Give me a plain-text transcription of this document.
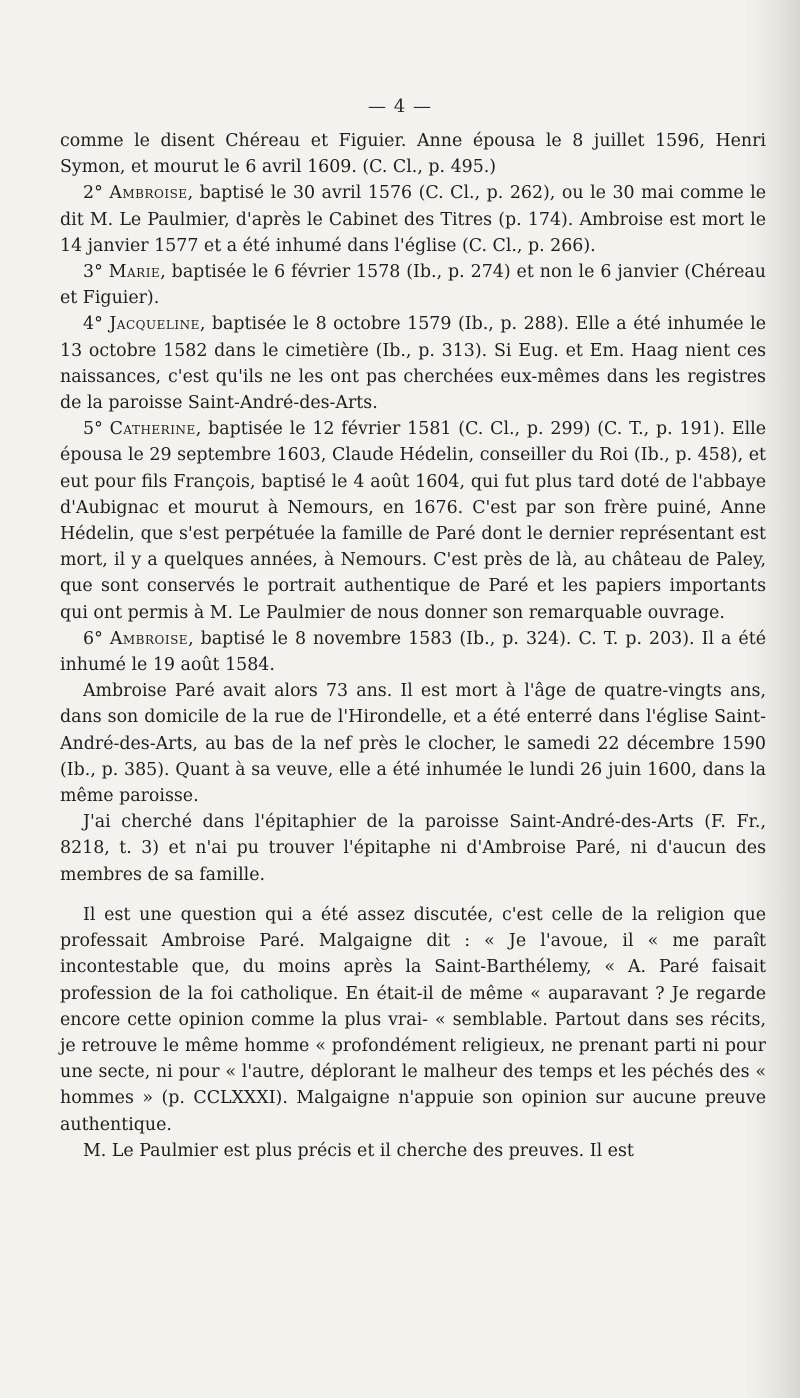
— 4 —

comme le disent Chéreau et Figuier. Anne épousa le 8 juillet 1596, Henri Symon, et mourut le 6 avril 1609. (C. Cl., p. 495.)

2° Ambroise, baptisé le 30 avril 1576 (C. Cl., p. 262), ou le 30 mai comme le dit M. Le Paulmier, d'après le Cabinet des Titres (p. 174). Ambroise est mort le 14 janvier 1577 et a été inhumé dans l'église (C. Cl., p. 266).

3° Marie, baptisée le 6 février 1578 (Ib., p. 274) et non le 6 janvier (Chéreau et Figuier).

4° Jacqueline, baptisée le 8 octobre 1579 (Ib., p. 288). Elle a été inhumée le 13 octobre 1582 dans le cimetière (Ib., p. 313). Si Eug. et Em. Haag nient ces naissances, c'est qu'ils ne les ont pas cherchées eux-mêmes dans les registres de la paroisse Saint-André-des-Arts.

5° Catherine, baptisée le 12 février 1581 (C. Cl., p. 299) (C. T., p. 191). Elle épousa le 29 septembre 1603, Claude Hédelin, conseiller du Roi (Ib., p. 458), et eut pour fils François, baptisé le 4 août 1604, qui fut plus tard doté de l'abbaye d'Aubignac et mourut à Nemours, en 1676. C'est par son frère puiné, Anne Hédelin, que s'est perpétuée la famille de Paré dont le dernier représentant est mort, il y a quelques années, à Nemours. C'est près de là, au château de Paley, que sont conservés le portrait authentique de Paré et les papiers importants qui ont permis à M. Le Paulmier de nous donner son remarquable ouvrage.

6° Ambroise, baptisé le 8 novembre 1583 (Ib., p. 324). C. T. p. 203). Il a été inhumé le 19 août 1584.

Ambroise Paré avait alors 73 ans. Il est mort à l'âge de quatre-vingts ans, dans son domicile de la rue de l'Hirondelle, et a été enterré dans l'église Saint-André-des-Arts, au bas de la nef près le clocher, le samedi 22 décembre 1590 (Ib., p. 385). Quant à sa veuve, elle a été inhumée le lundi 26 juin 1600, dans la même paroisse.

J'ai cherché dans l'épitaphier de la paroisse Saint-André-des-Arts (F. Fr., 8218, t. 3) et n'ai pu trouver l'épitaphe ni d'Ambroise Paré, ni d'aucun des membres de sa famille.

Il est une question qui a été assez discutée, c'est celle de la religion que professait Ambroise Paré. Malgaigne dit : « Je l'avoue, il « me paraît incontestable que, du moins après la Saint-Barthélemy, « A. Paré faisait profession de la foi catholique. En était-il de même « auparavant ? Je regarde encore cette opinion comme la plus vrai- « semblable. Partout dans ses récits, je retrouve le même homme « profondément religieux, ne prenant parti ni pour une secte, ni pour « l'autre, déplorant le malheur des temps et les péchés des « hommes » (p. CCLXXXI). Malgaigne n'appuie son opinion sur aucune preuve authentique.

M. Le Paulmier est plus précis et il cherche des preuves. Il est
